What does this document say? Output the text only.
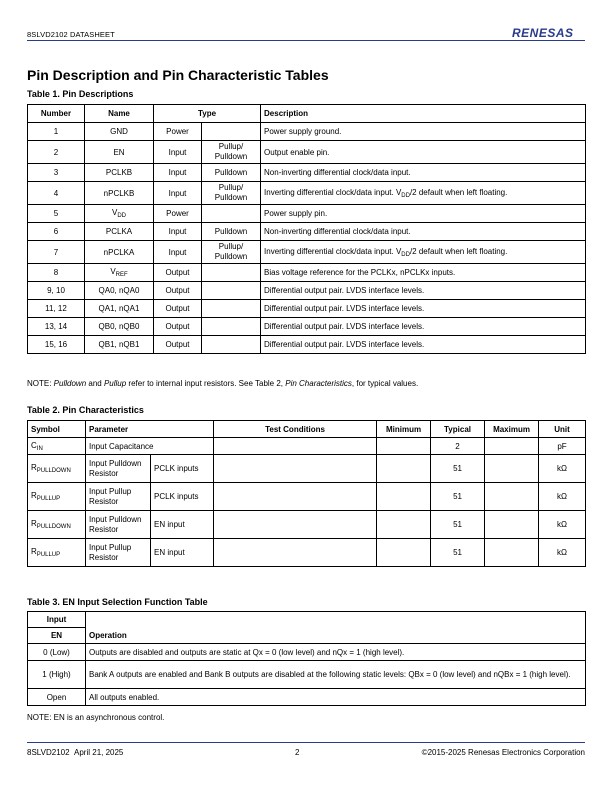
8SLVD2102 DATASHEET	RENESAS
Pin Description and Pin Characteristic Tables

Table 1. Pin Descriptions

Number	Name	Type		Description
1	GND	Power		Power supply ground.
2	EN	Input	Pullup/ Pulldown	Output enable pin.
3	PCLKB	Input	Pulldown	Non-inverting differential clock/data input.
4	nPCLKB	Input	Pullup/ Pulldown	Inverting differential clock/data input. $V_{DD}/2$ default when left floating.
5	$V_{DD}$	Power		Power supply pin.
6	PCLKA	Input	Pulldown	Non-inverting differential clock/data input.
7	nPCLKA	Input	Pullup/ Pulldown	Inverting differential clock/data input. $V_{DD}/2$ default when left floating.
8	$V_{REF}$	Output		Bias voltage reference for the PCLKx, nPCLKx inputs.
9, 10	QA0, nQA0	Output		Differential output pair. LVDS interface levels.
11, 12	QA1, nQA1	Output		Differential output pair. LVDS interface levels.
13, 14	QB0, nQB0	Output		Differential output pair. LVDS interface levels.
15, 16	QB1, nQB1	Output		Differential output pair. LVDS interface levels.
NOTE: Pulldown and Pullup refer to internal input resistors. See Table 2, Pin Characteristics, for typical values.

Table 2. Pin Characteristics

Symbol	Parameter		Test Conditions	Minimum	Typical	Maximum	Unit
$C_{IN}$	Input Capacitance				2		pF
$R_{PULLDOWN}$	Input Pulldown Resistor	PCLK inputs			51		kΩ
$R_{PULLUP}$	Input Pullup Resistor	PCLK inputs			51		kΩ
$R_{PULLDOWN}$	Input Pulldown Resistor	EN input			51		kΩ
$R_{PULLUP}$	Input Pullup Resistor	EN input			51		kΩ

Table 3. EN Input Selection Function Table

Input	
EN	Operation
0 (Low)	Outputs are disabled and outputs are static at Qx = 0 (low level) and nQx = 1 (high level).
1 (High)	Bank A outputs are enabled and Bank B outputs are disabled at the following static levels: QBx = 0 (low level) and nQBx = 1 (high level).
Open	All outputs enabled.
NOTE: EN is an asynchronous control.
8SLVD2102 April 21, 2025	2	©2015-2025 Renesas Electronics Corporation
